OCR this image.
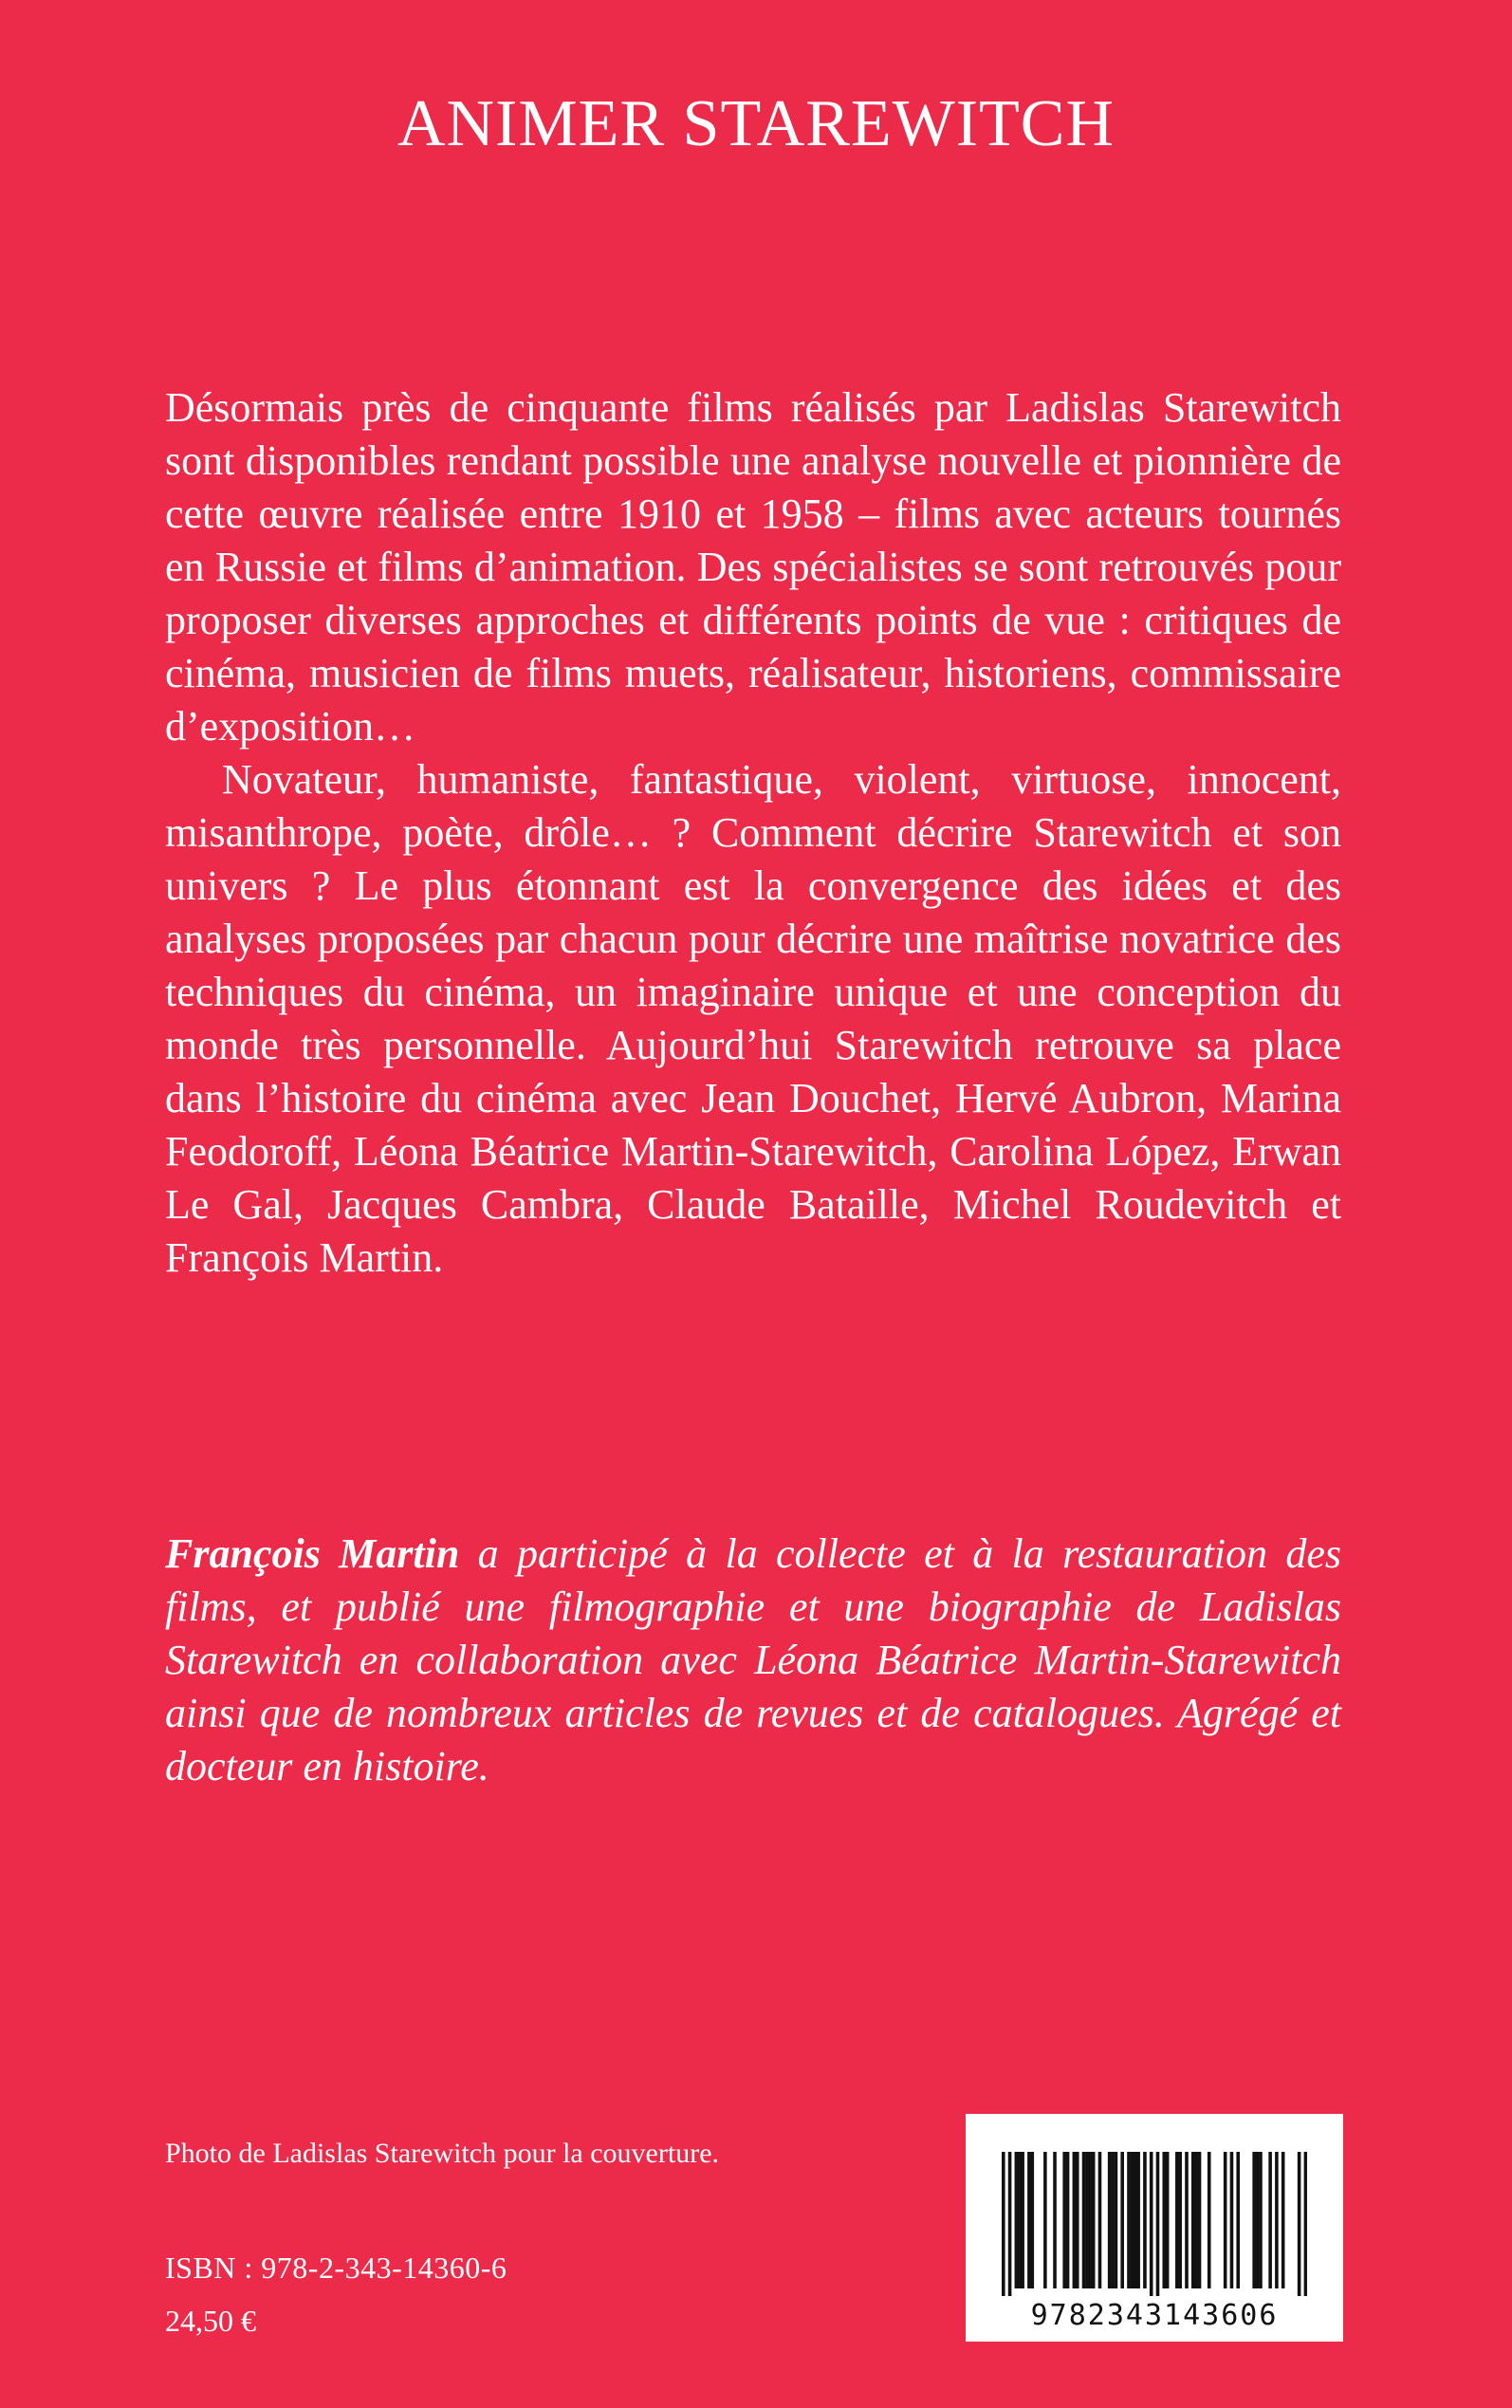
ANIMER STAREWITCH

Désormais près de cinquante films réalisés par Ladislas Starewitch sont disponibles rendant possible une analyse nouvelle et pionnière de cette œuvre réalisée entre 1910 et 1958 – films avec acteurs tournés en Russie et films d’animation. Des spécialistes se sont retrouvés pour proposer diverses approches et différents points de vue : critiques de cinéma, musicien de films muets, réalisateur, historiens, commissaire d’exposition…

Novateur, humaniste, fantastique, violent, virtuose, innocent, misanthrope, poète, drôle… ? Comment décrire Starewitch et son univers ? Le plus étonnant est la convergence des idées et des analyses proposées par chacun pour décrire une maîtrise novatrice des techniques du cinéma, un imaginaire unique et une conception du monde très personnelle. Aujourd’hui Starewitch retrouve sa place dans l’histoire du cinéma avec Jean Douchet, Hervé Aubron, Marina Feodoroff, Léona Béatrice Martin-Starewitch, Carolina López, Erwan Le Gal, Jacques Cambra, Claude Bataille, Michel Roudevitch et François Martin.

François Martin a participé à la collecte et à la restauration des films, et publié une filmographie et une biographie de Ladislas Starewitch en collaboration avec Léona Béatrice Martin-Starewitch ainsi que de nombreux articles de revues et de catalogues. Agrégé et docteur en histoire.

Photo de Ladislas Starewitch pour la couverture.
ISBN : 978-2-343-14360-6
24,50 €	9782343143606
